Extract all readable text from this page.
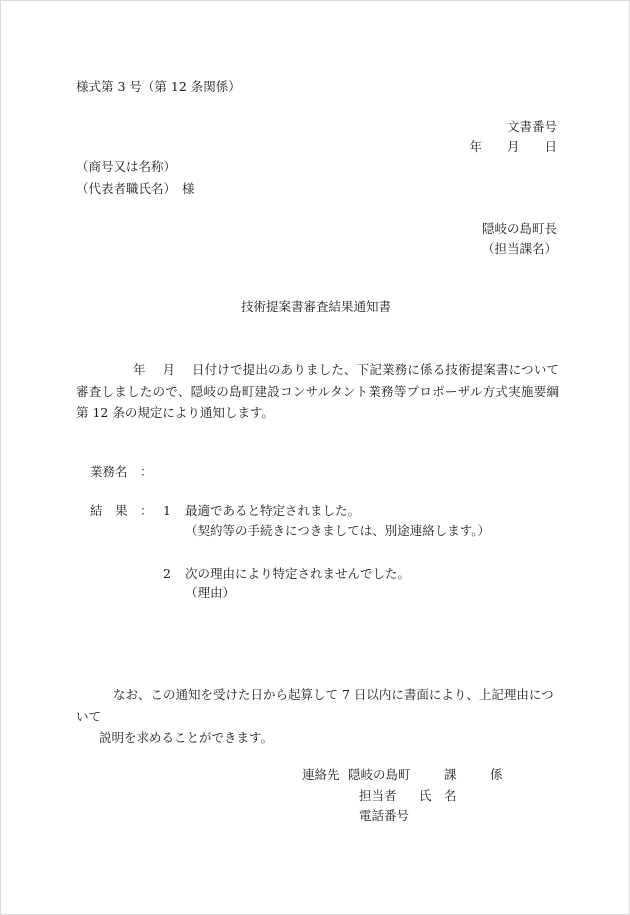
様式第 3 号（第 12 条関係）
文書番号
年　　月　　日
（商号又は名称）
（代表者職氏名） 様
隠岐の島町長
（担当課名）
技術提案書審査結果通知書
年　 月　 日付けで提出のありました、下記業務に係る技術提案書について審査しましたので、隠岐の島町建設コンサルタント業務等プロポーザル方式実施要綱第 12 条の規定により通知します。
業務名　：
結　果　： 1 最適であると特定されました。
（契約等の手続きにつきましては、別途連絡します。）
2 次の理由により特定されませんでした。
（理由）
なお、この通知を受けた日から起算して 7 日以内に書面により、上記理由について
説明を求めることができます。
連絡先 隠岐の島町	課	係
担当者 氏　名
電話番号
